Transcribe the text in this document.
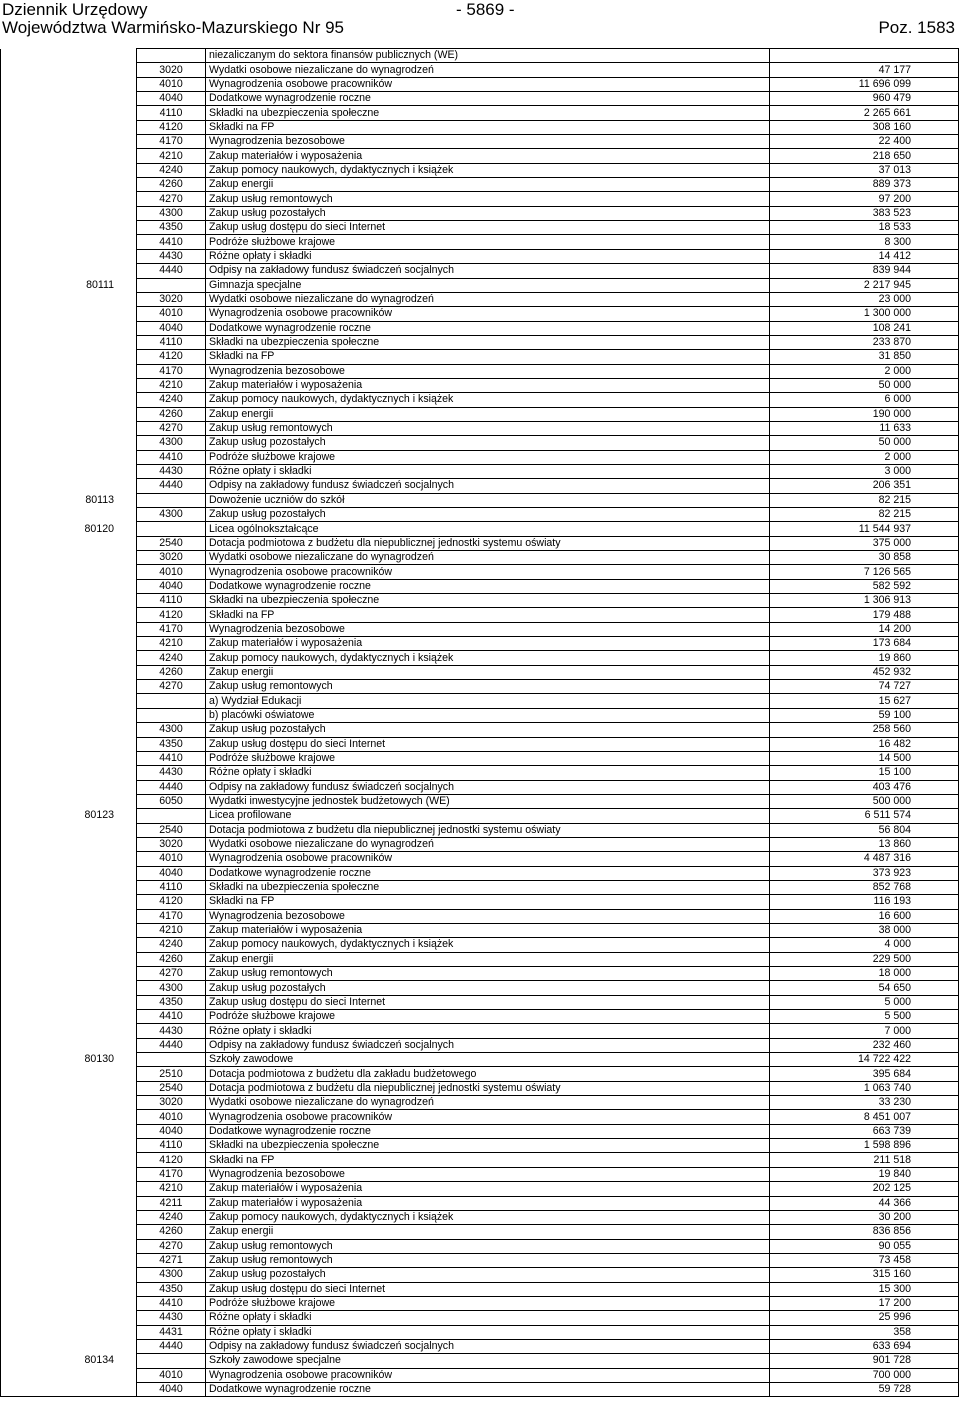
Dziennik Urzędowy
Województwa Warmińsko-Mazurskiego Nr 95
- 5869 -
Poz. 1583
		niezaliczanym do sektora finansów publicznych (WE)	
	3020	Wydatki osobowe niezaliczane do wynagrodzeń	47 177
	4010	Wynagrodzenia osobowe pracowników	11 696 099
	4040	Dodatkowe wynagrodzenie roczne	960 479
	4110	Składki na ubezpieczenia społeczne	2 265 661
	4120	Składki na FP	308 160
	4170	Wynagrodzenia bezosobowe	22 400
	4210	Zakup materiałów i wyposażenia	218 650
	4240	Zakup pomocy naukowych, dydaktycznych i książek	37 013
	4260	Zakup energii	889 373
	4270	Zakup usług remontowych	97 200
	4300	Zakup usług pozostałych	383 523
	4350	Zakup usług dostępu do sieci Internet	18 533
	4410	Podróże służbowe krajowe	8 300
	4430	Różne opłaty i składki	14 412
	4440	Odpisy na zakładowy fundusz świadczeń socjalnych	839 944
80111		Gimnazja specjalne	2 217 945
	3020	Wydatki osobowe niezaliczane do wynagrodzeń	23 000
	4010	Wynagrodzenia osobowe pracowników	1 300 000
	4040	Dodatkowe wynagrodzenie roczne	108 241
	4110	Składki na ubezpieczenia społeczne	233 870
	4120	Składki na FP	31 850
	4170	Wynagrodzenia bezosobowe	2 000
	4210	Zakup materiałów i wyposażenia	50 000
	4240	Zakup pomocy naukowych, dydaktycznych i książek	6 000
	4260	Zakup energii	190 000
	4270	Zakup usług remontowych	11 633
	4300	Zakup usług pozostałych	50 000
	4410	Podróże służbowe krajowe	2 000
	4430	Różne opłaty i składki	3 000
	4440	Odpisy na zakładowy fundusz świadczeń socjalnych	206 351
80113		Dowożenie uczniów do szkół	82 215
	4300	Zakup usług pozostałych	82 215
80120		Licea ogólnokształcące	11 544 937
	2540	Dotacja podmiotowa z budżetu dla niepublicznej jednostki systemu oświaty	375 000
	3020	Wydatki osobowe niezaliczane do wynagrodzeń	30 858
	4010	Wynagrodzenia osobowe pracowników	7 126 565
	4040	Dodatkowe wynagrodzenie roczne	582 592
	4110	Składki na ubezpieczenia społeczne	1 306 913
	4120	Składki na FP	179 488
	4170	Wynagrodzenia bezosobowe	14 200
	4210	Zakup materiałów i wyposażenia	173 684
	4240	Zakup pomocy naukowych, dydaktycznych i książek	19 860
	4260	Zakup energii	452 932
	4270	Zakup usług remontowych	74 727
		a) Wydział Edukacji	15 627
		b) placówki oświatowe	59 100
	4300	Zakup usług pozostałych	258 560
	4350	Zakup usług dostępu do sieci Internet	16 482
	4410	Podróże służbowe krajowe	14 500
	4430	Różne opłaty i składki	15 100
	4440	Odpisy na zakładowy fundusz świadczeń socjalnych	403 476
	6050	Wydatki inwestycyjne jednostek budżetowych (WE)	500 000
80123		Licea profilowane	6 511 574
	2540	Dotacja podmiotowa z budżetu dla niepublicznej jednostki systemu oświaty	56 804
	3020	Wydatki osobowe niezaliczane do wynagrodzeń	13 860
	4010	Wynagrodzenia osobowe pracowników	4 487 316
	4040	Dodatkowe wynagrodzenie roczne	373 923
	4110	Składki na ubezpieczenia społeczne	852 768
	4120	Składki na FP	116 193
	4170	Wynagrodzenia bezosobowe	16 600
	4210	Zakup materiałów i wyposażenia	38 000
	4240	Zakup pomocy naukowych, dydaktycznych i książek	4 000
	4260	Zakup energii	229 500
	4270	Zakup usług remontowych	18 000
	4300	Zakup usług pozostałych	54 650
	4350	Zakup usług dostępu do sieci Internet	5 000
	4410	Podróże służbowe krajowe	5 500
	4430	Różne opłaty i składki	7 000
	4440	Odpisy na zakładowy fundusz świadczeń socjalnych	232 460
80130		Szkoły zawodowe	14 722 422
	2510	Dotacja podmiotowa z budżetu dla zakładu budżetowego	395 684
	2540	Dotacja podmiotowa z budżetu dla niepublicznej jednostki systemu oświaty	1 063 740
	3020	Wydatki osobowe niezaliczane do wynagrodzeń	33 230
	4010	Wynagrodzenia osobowe pracowników	8 451 007
	4040	Dodatkowe wynagrodzenie roczne	663 739
	4110	Składki na ubezpieczenia społeczne	1 598 896
	4120	Składki na FP	211 518
	4170	Wynagrodzenia bezosobowe	19 840
	4210	Zakup materiałów i wyposażenia	202 125
	4211	Zakup materiałów i wyposażenia	44 366
	4240	Zakup pomocy naukowych, dydaktycznych i książek	30 200
	4260	Zakup energii	836 856
	4270	Zakup usług remontowych	90 055
	4271	Zakup usług remontowych	73 458
	4300	Zakup usług pozostałych	315 160
	4350	Zakup usług dostępu do sieci Internet	15 300
	4410	Podróże służbowe krajowe	17 200
	4430	Różne opłaty i składki	25 996
	4431	Różne opłaty i składki	358
	4440	Odpisy na zakładowy fundusz świadczeń socjalnych	633 694
80134		Szkoły zawodowe specjalne	901 728
	4010	Wynagrodzenia osobowe pracowników	700 000
	4040	Dodatkowe wynagrodzenie roczne	59 728
